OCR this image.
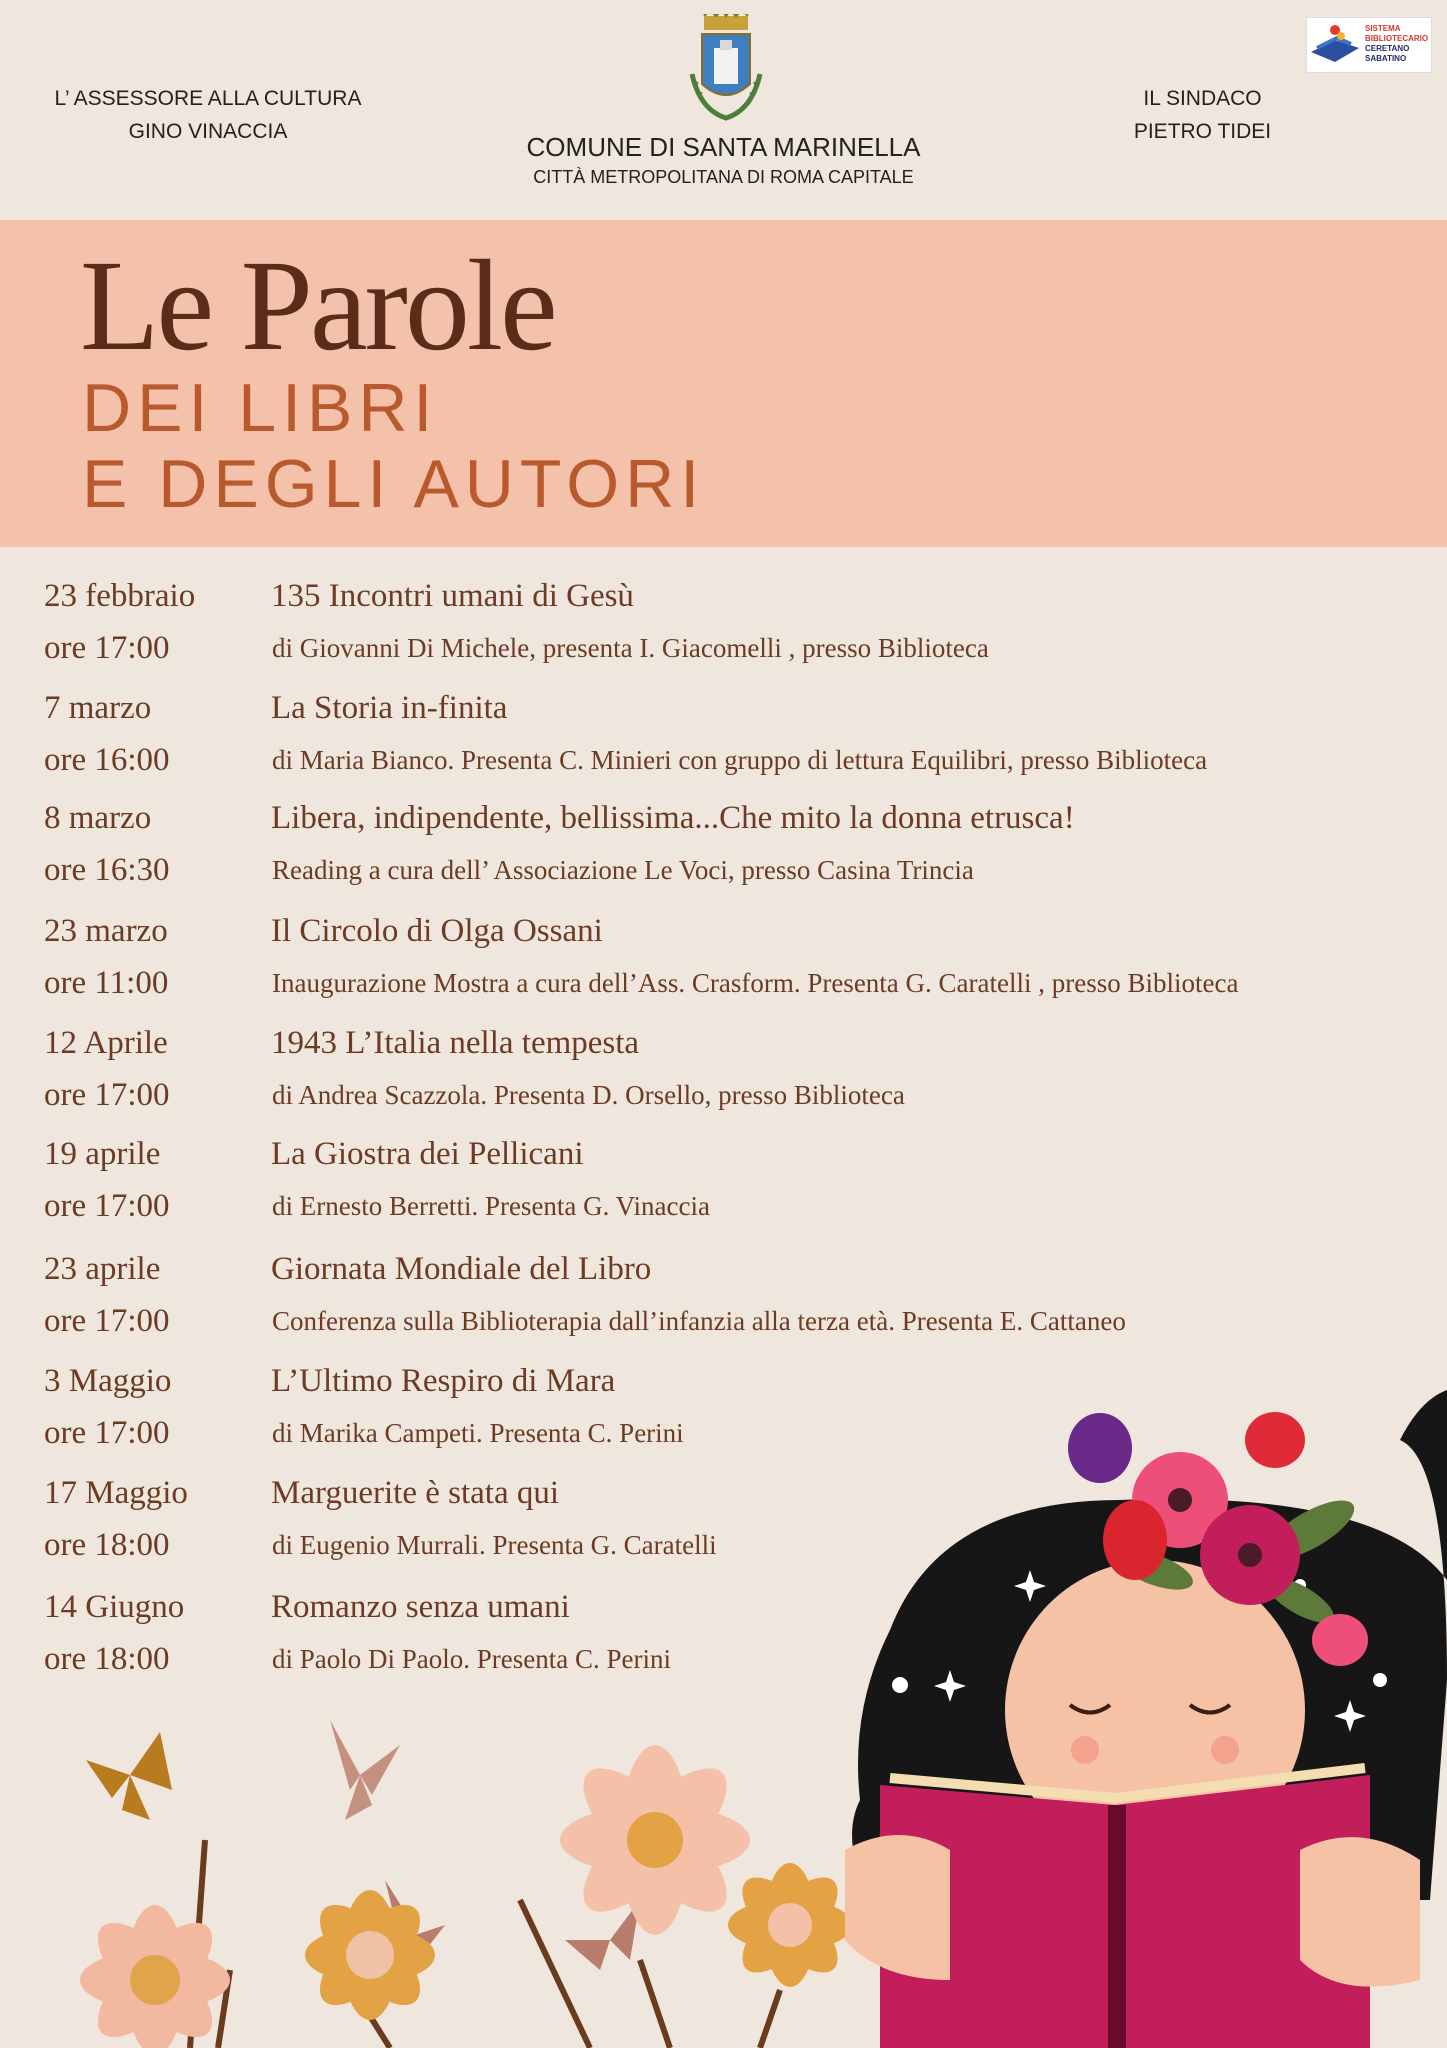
L’ ASSESSORE ALLA CULTURA
GINO VINACCIA
COMUNE DI SANTA MARINELLA
CITTÀ METROPOLITANA DI ROMA CAPITALE
IL SINDACO
PIETRO TIDEI
SISTEMA
BIBLIOTECARIO
CERETANO
SABATINO
Le Parole
DEI LIBRI
E DEGLI AUTORI
23 febbraio
ore 17:00
135 Incontri umani di Gesù
di Giovanni Di Michele, presenta I. Giacomelli , presso Biblioteca
7 marzo
ore 16:00
La Storia in-finita
di Maria Bianco. Presenta C. Minieri con gruppo di lettura Equilibri, presso Biblioteca
8 marzo
ore 16:30
Libera, indipendente, bellissima...Che mito la donna etrusca!
Reading a cura dell’ Associazione Le Voci, presso Casina Trincia
23 marzo
ore 11:00
Il Circolo di Olga Ossani
Inaugurazione Mostra a cura dell’Ass. Crasform. Presenta G. Caratelli , presso Biblioteca
12 Aprile
ore 17:00
1943 L’Italia nella tempesta
di Andrea Scazzola. Presenta D. Orsello, presso Biblioteca
19 aprile
ore 17:00
La Giostra dei Pellicani
di Ernesto Berretti. Presenta G. Vinaccia
23 aprile
ore 17:00
Giornata Mondiale del Libro
Conferenza sulla Biblioterapia dall’infanzia alla terza età. Presenta E. Cattaneo
3 Maggio
ore 17:00
L’Ultimo Respiro di Mara
di Marika Campeti. Presenta C. Perini
17 Maggio
ore 18:00
Marguerite è stata qui
di Eugenio Murrali. Presenta G. Caratelli
14 Giugno
ore 18:00
Romanzo senza umani
di Paolo Di Paolo. Presenta C. Perini
